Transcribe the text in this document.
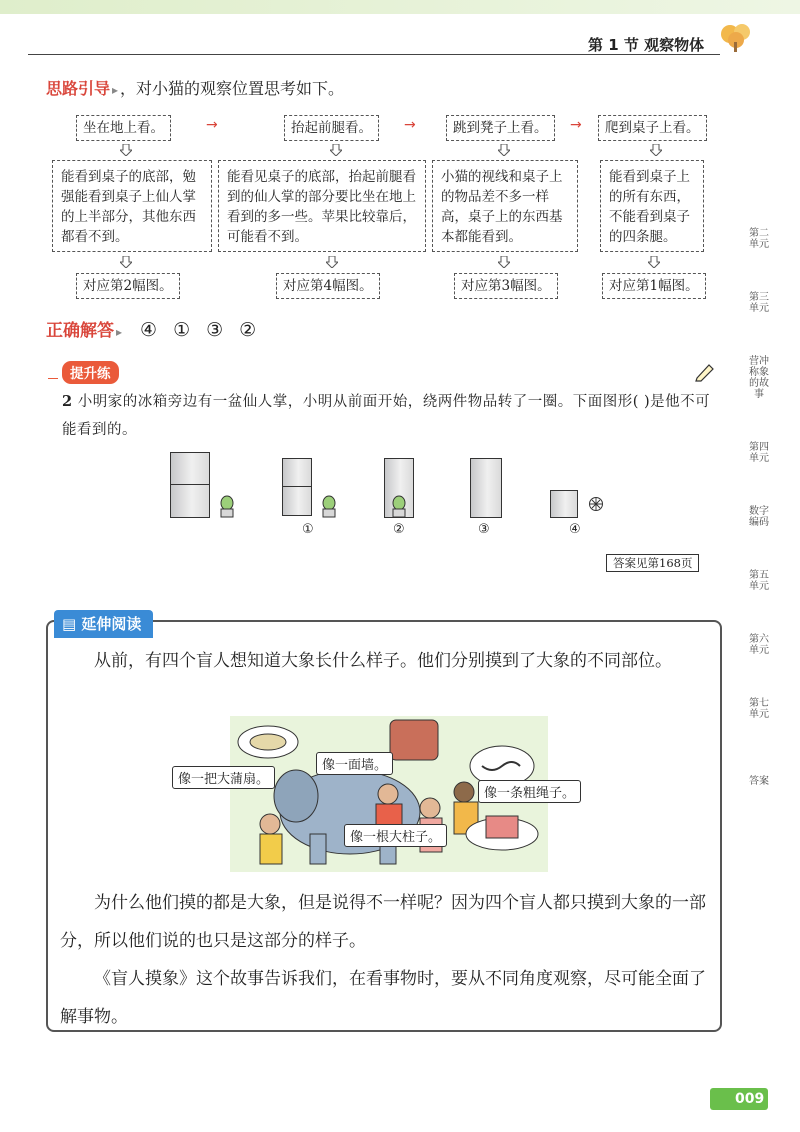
第 1 节 观察物体
思路引导 ▸ ，对小猫的观察位置思考如下。
坐在地上看。	→	抬起前腿看。	→	跳到凳子上看。	→	爬到桌子上看。
能看到桌子的底部，勉强能看到桌子上仙人掌的上半部分，其他东西都看不到。
能看见桌子的底部，抬起前腿看到的仙人掌的部分要比坐在地上看到的多一些。苹果比较靠后，可能看不到。
小猫的视线和桌子上的物品差不多一样高，桌子上的东西基本都能看到。
能看到桌子上的所有东西，不能看到桌子的四条腿。
对应第2幅图。	对应第4幅图。	对应第3幅图。	对应第1幅图。
正确解答 ▸ ④ ① ③ ②
提升练
2 小明家的冰箱旁边有一盆仙人掌，小明从前面开始，绕两件物品转了一圈。下面图形( )是他不可能看到的。
①	②	③	④
答案见第168页
▤ 延伸阅读
从前，有四个盲人想知道大象长什么样子。他们分别摸到了大象的不同部位。
像一把大蒲扇。
像一面墙。
像一条粗绳子。
像一根大柱子。
为什么他们摸的都是大象，但是说得不一样呢？因为四个盲人都只摸到大象的一部分，所以他们说的也只是这部分的样子。
《盲人摸象》这个故事告诉我们，在看事物时，要从不同角度观察，尽可能全面了解事物。
第二单元
第三单元
营冲称象的故事
第四单元
数字编码
第五单元
第六单元
第七单元
答案
009
